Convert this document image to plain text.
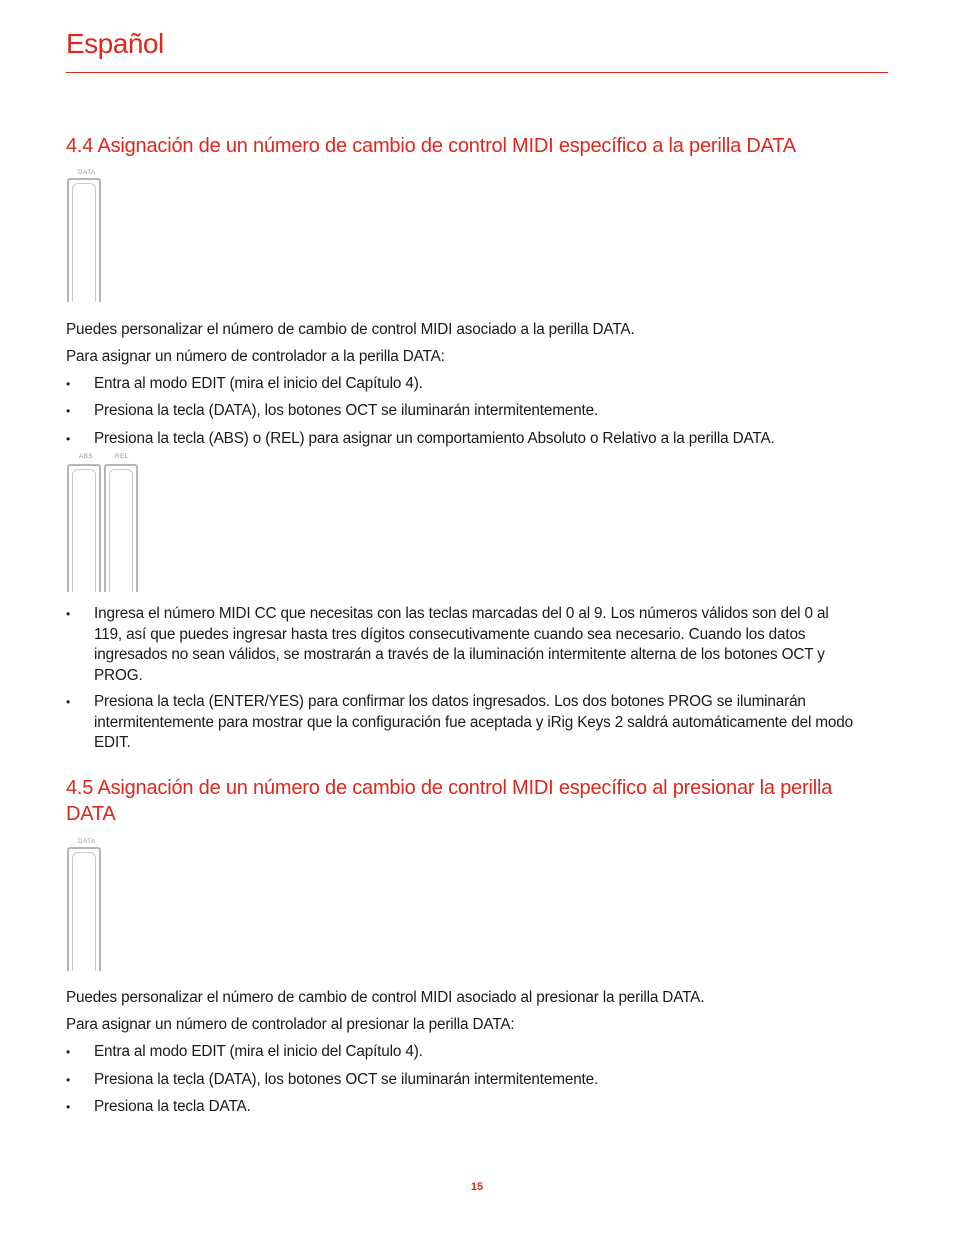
Español
4.4 Asignación de un número de cambio de control MIDI específico a la perilla DATA
DATA

Puedes personalizar el número de cambio de control MIDI asociado a la perilla DATA.

Para asignar un número de controlador a la perilla DATA:

•	Entra al modo EDIT (mira el inicio del Capítulo 4).
•	Presiona la tecla (DATA), los botones OCT se iluminarán intermitentemente.
•	Presiona la tecla (ABS) o (REL) para asignar un comportamiento Absoluto o Relativo a la perilla DATA.
ABS	REL
•	Ingresa el número MIDI CC que necesitas con las teclas marcadas del 0 al 9. Los números válidos son del 0 al 119, así que puedes ingresar hasta tres dígitos consecutivamente cuando sea necesario. Cuando los datos ingresados no sean válidos, se mostrarán a través de la iluminación intermitente alterna de los botones OCT y PROG.
•	Presiona la tecla (ENTER/YES) para confirmar los datos ingresados. Los dos botones PROG se iluminarán intermitentemente para mostrar que la configuración fue aceptada y iRig Keys 2 saldrá automáticamente del modo EDIT.
4.5 Asignación de un número de cambio de control MIDI específico al presionar la perilla DATA
DATA

Puedes personalizar el número de cambio de control MIDI asociado al presionar la perilla DATA.

Para asignar un número de controlador al presionar la perilla DATA:

•	Entra al modo EDIT (mira el inicio del Capítulo 4).
•	Presiona la tecla (DATA), los botones OCT se iluminarán intermitentemente.
•	Presiona la tecla DATA.
15
